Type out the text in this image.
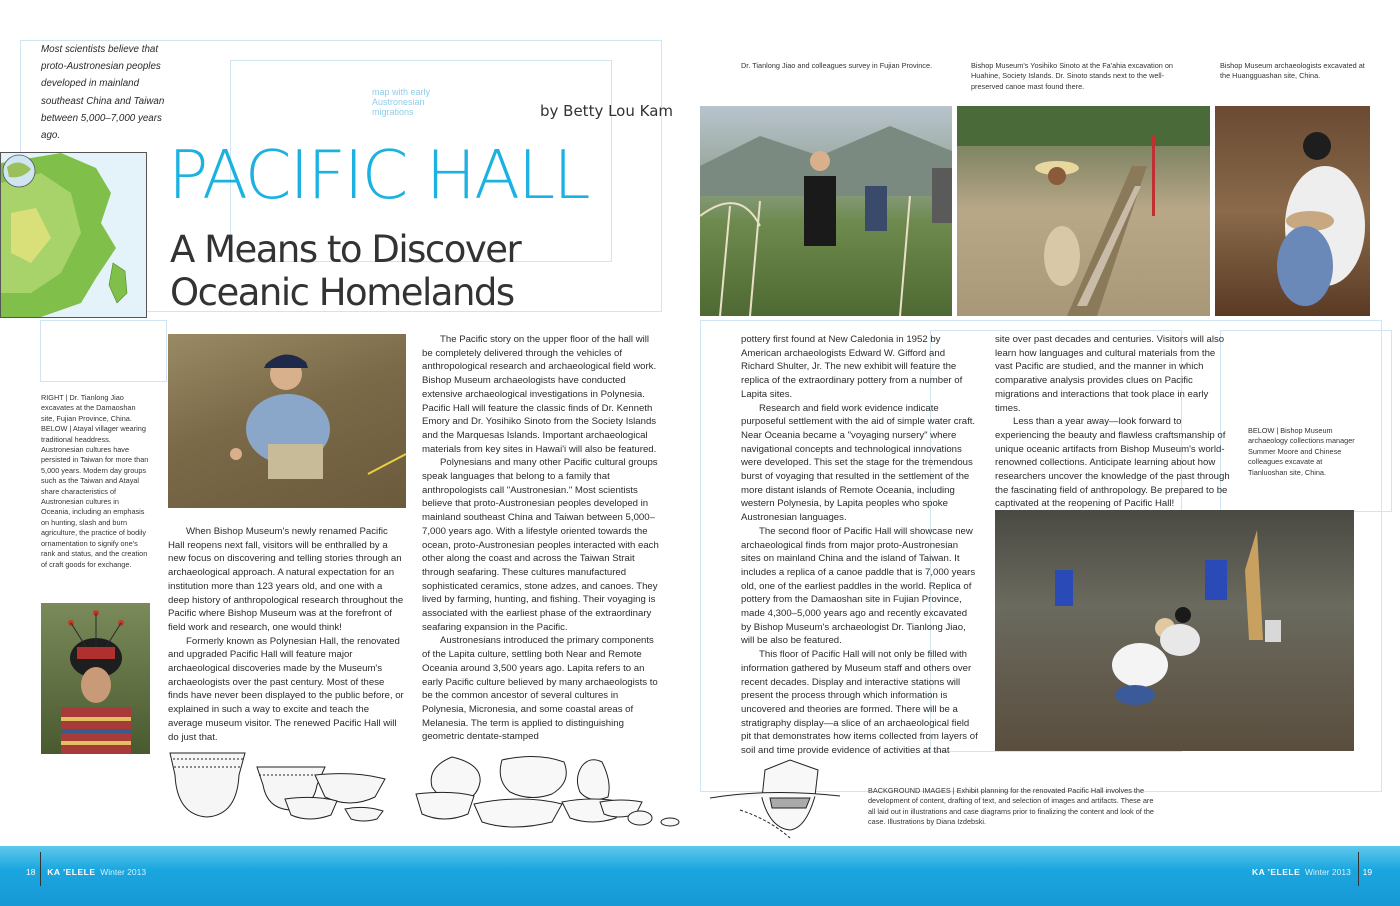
Most scientists believe that proto-Austronesian peoples developed in mainland southeast China and Taiwan between 5,000–7,000 years ago.
map with early Austronesian migrations	by Betty Lou Kam
PACIFIC HALL
A Means to Discover
Oceanic Homelands
RIGHT | Dr. Tianlong Jiao excavates at the Damaoshan site, Fujian Province, China. BELOW | Atayal villager wearing traditional headdress. Austronesian cultures have persisted in Taiwan for more than 5,000 years. Modern day groups such as the Taiwan and Atayal share characteristics of Austronesian cultures in Oceania, including an emphasis on hunting, slash and burn agriculture, the practice of bodily ornamentation to signify one's rank and status, and the creation of craft goods for exchange.

When Bishop Museum's newly renamed Pacific Hall reopens next fall, visitors will be enthralled by a new focus on discovering and telling stories through an archaeological approach. A natural expectation for an institution more than 123 years old, and one with a deep history of anthropological research throughout the Pacific where Bishop Museum was at the forefront of field work and research, one would think!

Formerly known as Polynesian Hall, the renovated and upgraded Pacific Hall will feature major archaeological discoveries made by the Museum's archaeologists over the past century. Most of these finds have never been displayed to the public before, or explained in such a way to excite and teach the average museum visitor. The renewed Pacific Hall will do just that.

The Pacific story on the upper floor of the hall will be completely delivered through the vehicles of anthropological research and archaeological field work. Bishop Museum archaeologists have conducted extensive archaeological investigations in Polynesia. Pacific Hall will feature the classic finds of Dr. Kenneth Emory and Dr. Yosihiko Sinoto from the Society Islands and the Marquesas Islands. Important archaeological materials from key sites in Hawai'i will also be featured.

Polynesians and many other Pacific cultural groups speak languages that belong to a family that anthropologists call "Austronesian." Most scientists believe that proto-Austronesian peoples developed in mainland southeast China and Taiwan between 5,000–7,000 years ago. With a lifestyle oriented towards the ocean, proto-Austronesian peoples interacted with each other along the coast and across the Taiwan Strait through seafaring. These cultures manufactured sophisticated ceramics, stone adzes, and canoes. They lived by farming, hunting, and fishing. Their voyaging is associated with the earliest phase of the extraordinary seafaring expansion in the Pacific.

Austronesians introduced the primary components of the Lapita culture, settling both Near and Remote Oceania around 3,500 years ago. Lapita refers to an early Pacific culture believed by many archaeologists to be the common ancestor of several cultures in Polynesia, Micronesia, and some coastal areas of Melanesia. The term is applied to distinguishing geometric dentate-stamped

pottery first found at New Caledonia in 1952 by American archaeologists Edward W. Gifford and Richard Shulter, Jr. The new exhibit will feature the replica of the extraordinary pottery from a number of Lapita sites.

Research and field work evidence indicate purposeful settlement with the aid of simple water craft. Near Oceania became a "voyaging nursery" where navigational concepts and technological innovations were developed. This set the stage for the tremendous burst of voyaging that resulted in the settlement of the more distant islands of Remote Oceania, including western Polynesia, by Lapita peoples who spoke Austronesian languages.

The second floor of Pacific Hall will showcase new archaeological finds from major proto-Austronesian sites on mainland China and the island of Taiwan. It includes a replica of a canoe paddle that is 7,000 years old, one of the earliest paddles in the world. Replica of pottery from the Damaoshan site in Fujian Province, made 4,300–5,000 years ago and recently excavated by Bishop Museum's archaeologist Dr. Tianlong Jiao, will be also be featured.

This floor of Pacific Hall will not only be filled with information gathered by Museum staff and others over recent decades. Display and interactive stations will present the process through which information is uncovered and theories are formed. There will be a stratigraphy display—a slice of an archaeological field pit that demonstrates how items collected from layers of soil and time provide evidence of activities at that

site over past decades and centuries. Visitors will also learn how languages and cultural materials from the vast Pacific are studied, and the manner in which comparative analysis provides clues on Pacific migrations and interactions that took place in early times.

Less than a year away—look forward to experiencing the beauty and flawless craftsmanship of unique oceanic artifacts from Bishop Museum's world-renowned collections. Anticipate learning about how researchers uncover the knowledge of the past through the fascinating field of anthropology. Be prepared to be captivated at the reopening of Pacific Hall!

Dr. Tianlong Jiao and colleagues survey in Fujian Province.	Bishop Museum's Yosihiko Sinoto at the Fa'ahia excavation on Huahine, Society Islands. Dr. Sinoto stands next to the well-preserved canoe mast found there.
Bishop Museum archaeologists excavated at the Huangguashan site, China.
BELOW | Bishop Museum archaeology collections manager Summer Moore and Chinese colleagues excavate at Tianluoshan site, China.
BACKGROUND IMAGES | Exhibit planning for the renovated Pacific Hall involves the development of content, drafting of text, and selection of images and artifacts. These are all laid out in illustrations and case diagrams prior to finalizing the content and look of the case. Illustrations by Diana Izdebski.
18 KA 'ELELE Winter 2013	KA 'ELELE Winter 2013 19
